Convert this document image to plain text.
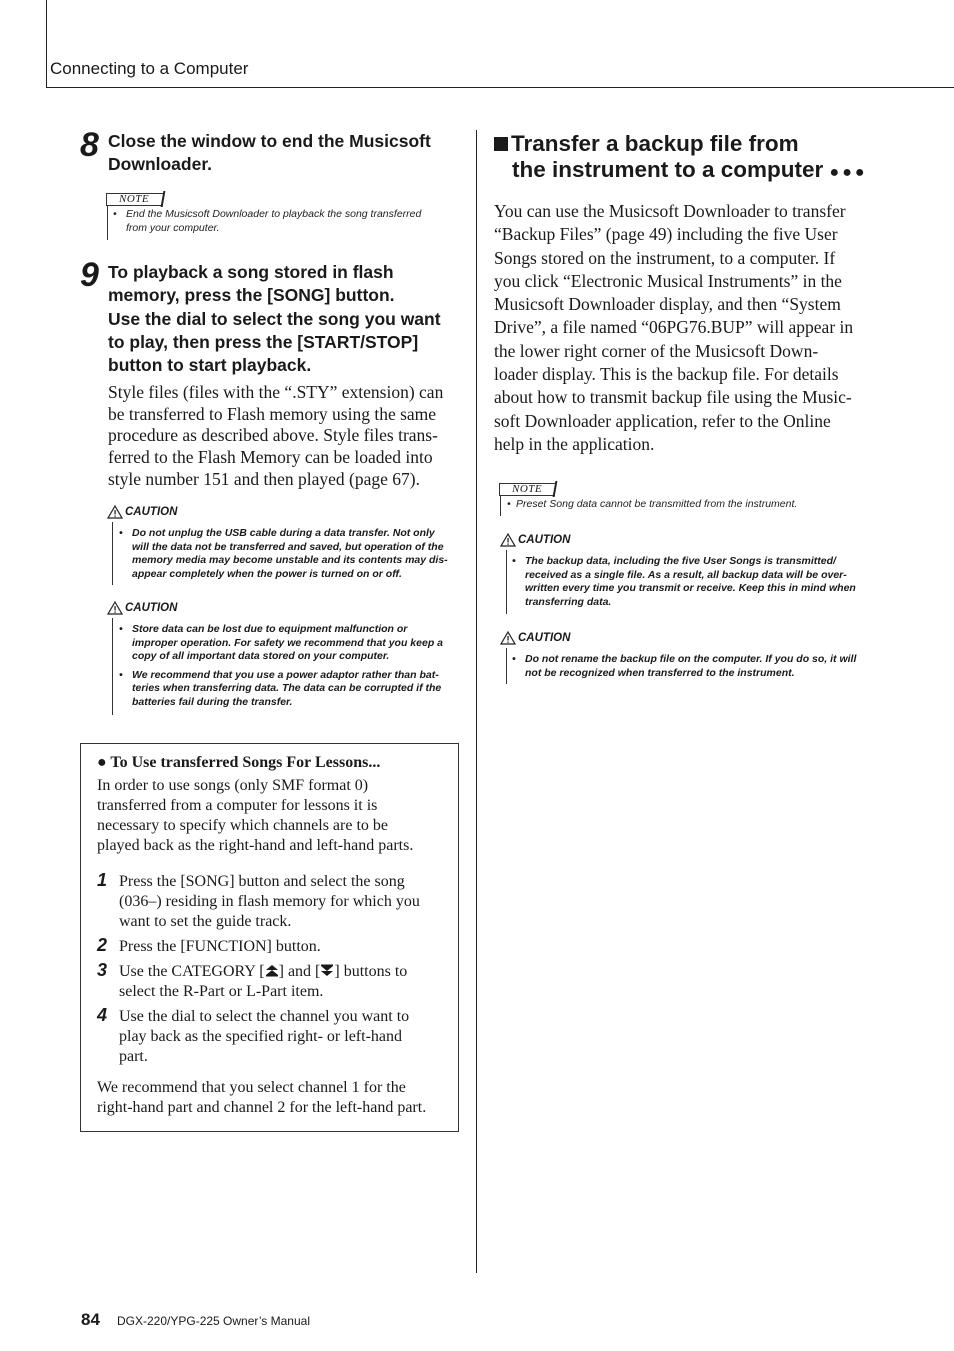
Connecting to a Computer
8 Close the window to end the Musicsoft
Downloader.
NOTE
• End the Musicsoft Downloader to playback the song transferred
from your computer.
9 To playback a song stored in flash
memory, press the [SONG] button.
Use the dial to select the song you want
to play, then press the [START/STOP]
button to start playback.
Style files (files with the “.STY” extension) can
be transferred to Flash memory using the same
procedure as described above. Style files trans-
ferred to the Flash Memory can be loaded into
style number 151 and then played (page 67).
CAUTION
• Do not unplug the USB cable during a data transfer. Not only
will the data not be transferred and saved, but operation of the
memory media may become unstable and its contents may dis-
appear completely when the power is turned on or off.
CAUTION
• Store data can be lost due to equipment malfunction or
improper operation. For safety we recommend that you keep a
copy of all important data stored on your computer.
• We recommend that you use a power adaptor rather than bat-
teries when transferring data. The data can be corrupted if the
batteries fail during the transfer.
● To Use transferred Songs For Lessons...
In order to use songs (only SMF format 0)
transferred from a computer for lessons it is
necessary to specify which channels are to be
played back as the right-hand and left-hand parts.
1 Press the [SONG] button and select the song
(036–) residing in flash memory for which you
want to set the guide track.
2 Press the [FUNCTION] button.
3 Use the CATEGORY [ ] and [ ] buttons to
select the R-Part or L-Part item.
4 Use the dial to select the channel you want to
play back as the specified right- or left-hand
part.
We recommend that you select channel 1 for the
right-hand part and channel 2 for the left-hand part.
Transfer a backup file from
the instrument to a computer ●●●
You can use the Musicsoft Downloader to transfer
“Backup Files” (page 49) including the five User
Songs stored on the instrument, to a computer. If
you click “Electronic Musical Instruments” in the
Musicsoft Downloader display, and then “System
Drive”, a file named “06PG76.BUP” will appear in
the lower right corner of the Musicsoft Down-
loader display. This is the backup file. For details
about how to transmit backup file using the Music-
soft Downloader application, refer to the Online
help in the application.
NOTE
• Preset Song data cannot be transmitted from the instrument.
CAUTION
• The backup data, including the five User Songs is transmitted/
received as a single file. As a result, all backup data will be over-
written every time you transmit or receive. Keep this in mind when
transferring data.
CAUTION
• Do not rename the backup file on the computer. If you do so, it will
not be recognized when transferred to the instrument.
84 DGX-220/YPG-225 Owner’s Manual
